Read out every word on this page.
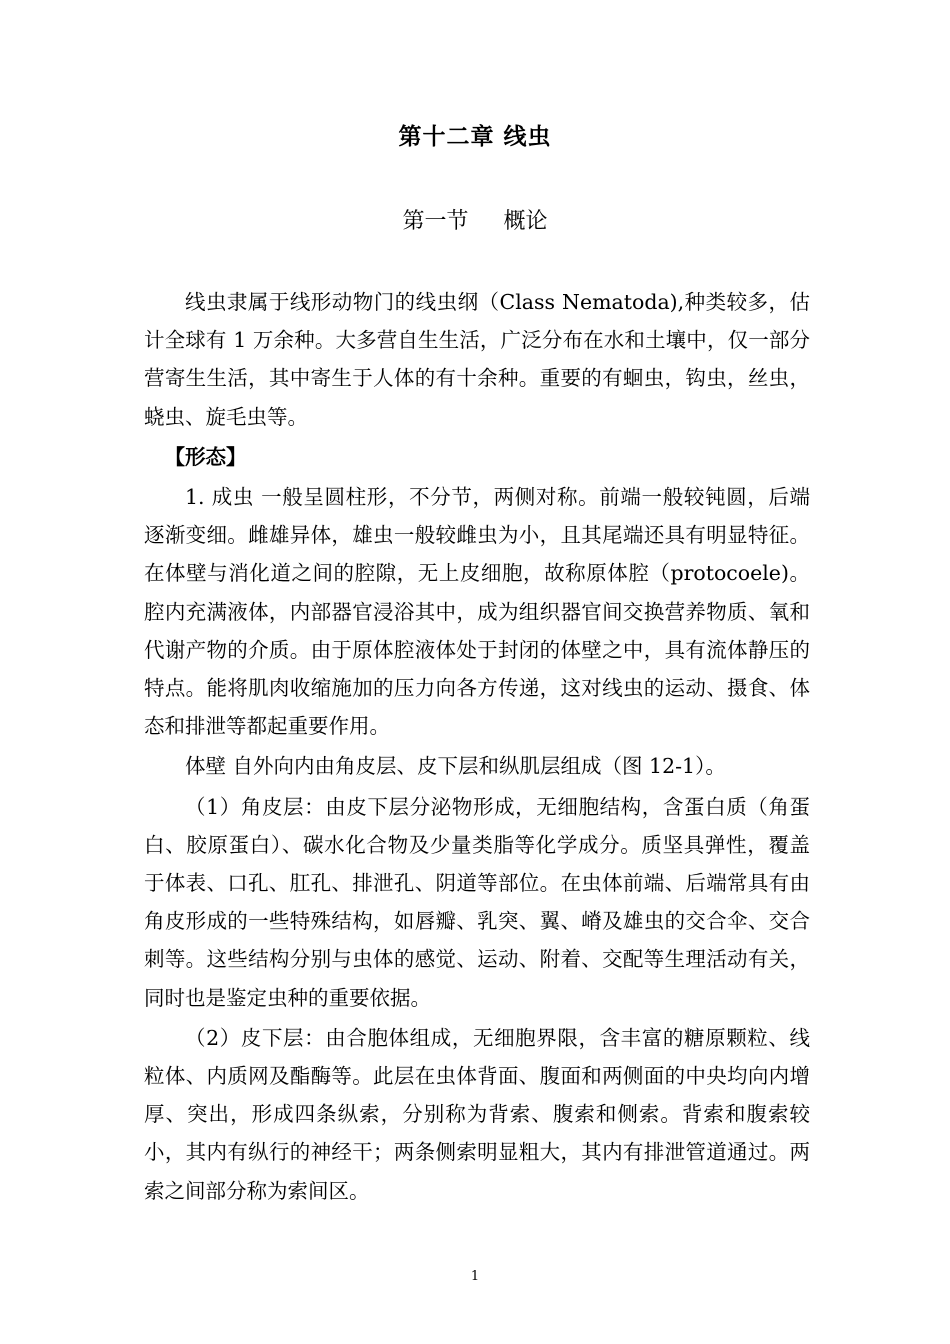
第十二章 线虫
第一节     概论

线虫隶属于线形动物门的线虫纲（Class Nematoda),种类较多，估计全球有 1 万余种。大多营自生生活，广泛分布在水和土壤中，仅一部分营寄生生活，其中寄生于人体的有十余种。重要的有蛔虫，钩虫，丝虫，蛲虫、旋毛虫等。

【形态】

1. 成虫 一般呈圆柱形，不分节，两侧对称。前端一般较钝圆，后端逐渐变细。雌雄异体，雄虫一般较雌虫为小，且其尾端还具有明显特征。在体壁与消化道之间的腔隙，无上皮细胞，故称原体腔（protocoele)。腔内充满液体，内部器官浸浴其中，成为组织器官间交换营养物质、氧和代谢产物的介质。由于原体腔液体处于封闭的体壁之中，具有流体静压的特点。能将肌肉收缩施加的压力向各方传递，这对线虫的运动、摄食、体态和排泄等都起重要作用。

体壁 自外向内由角皮层、皮下层和纵肌层组成（图 12-1）。

（1）角皮层：由皮下层分泌物形成，无细胞结构，含蛋白质（角蛋白、胶原蛋白）、碳水化合物及少量类脂等化学成分。质坚具弹性，覆盖于体表、口孔、肛孔、排泄孔、阴道等部位。在虫体前端、后端常具有由角皮形成的一些特殊结构，如唇瓣、乳突、翼、嵴及雄虫的交合伞、交合刺等。这些结构分别与虫体的感觉、运动、附着、交配等生理活动有关，同时也是鉴定虫种的重要依据。

（2）皮下层：由合胞体组成，无细胞界限，含丰富的糖原颗粒、线粒体、内质网及酯酶等。此层在虫体背面、腹面和两侧面的中央均向内增厚、突出，形成四条纵索，分别称为背索、腹索和侧索。背索和腹索较小，其内有纵行的神经干；两条侧索明显粗大，其内有排泄管道通过。两索之间部分称为索间区。

1
